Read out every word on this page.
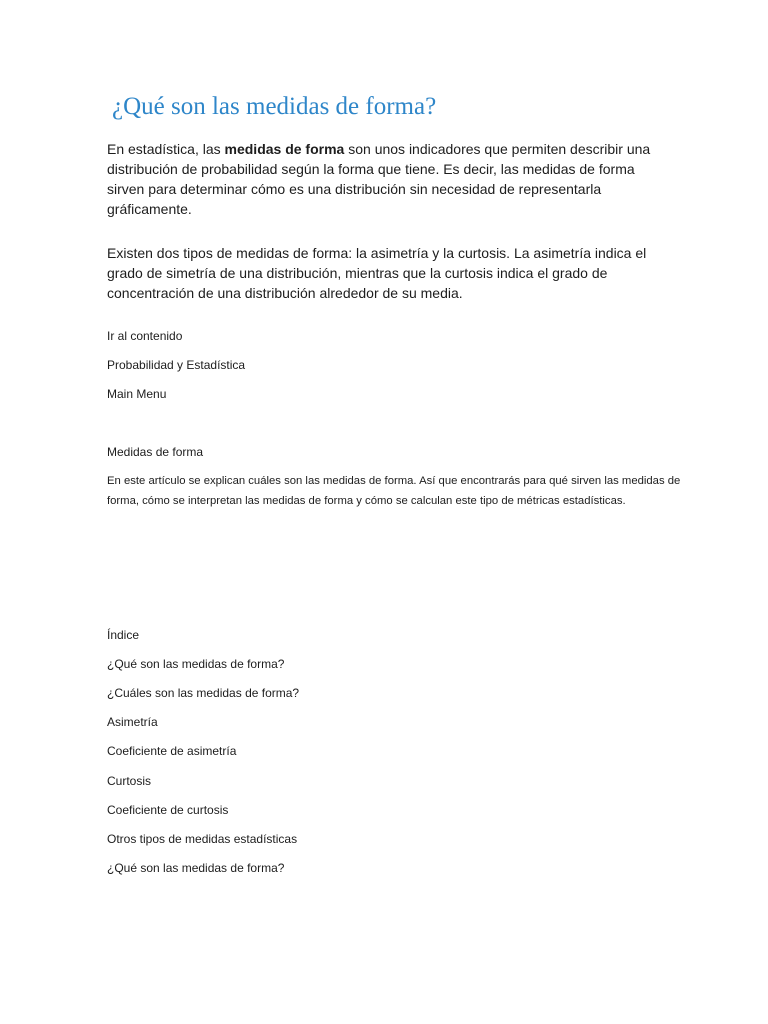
¿Qué son las medidas de forma?

En estadística, las medidas de forma son unos indicadores que permiten describir una distribución de probabilidad según la forma que tiene. Es decir, las medidas de forma sirven para determinar cómo es una distribución sin necesidad de representarla gráficamente.

Existen dos tipos de medidas de forma: la asimetría y la curtosis. La asimetría indica el grado de simetría de una distribución, mientras que la curtosis indica el grado de concentración de una distribución alrededor de su media.

Ir al contenido

Probabilidad y Estadística

Main Menu

Medidas de forma

En este artículo se explican cuáles son las medidas de forma. Así que encontrarás para qué sirven las medidas de forma, cómo se interpretan las medidas de forma y cómo se calculan este tipo de métricas estadísticas.

Índice

¿Qué son las medidas de forma?

¿Cuáles son las medidas de forma?

Asimetría

Coeficiente de asimetría

Curtosis

Coeficiente de curtosis

Otros tipos de medidas estadísticas

¿Qué son las medidas de forma?
